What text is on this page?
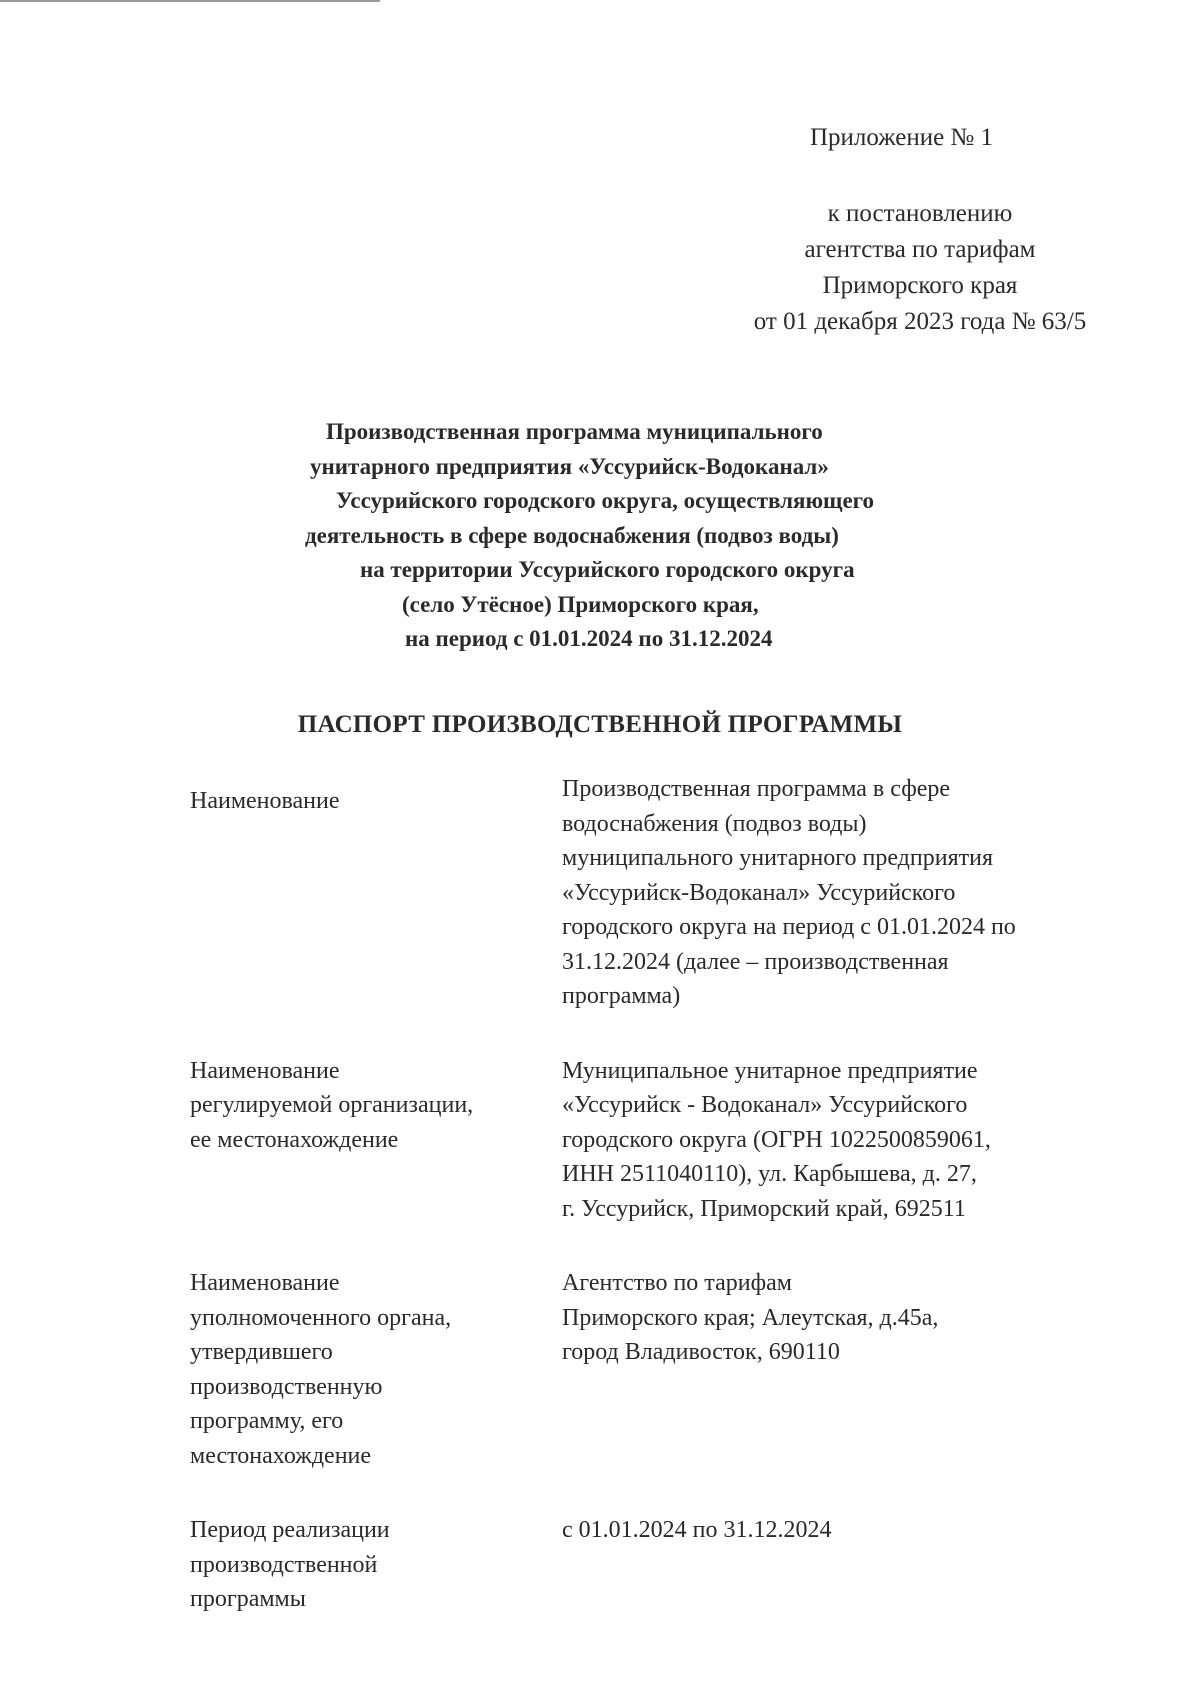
Приложение № 1
к постановлению
агентства по тарифам
Приморского края
от 01 декабря 2023 года № 63/5
Производственная программа муниципального
унитарного предприятия «Уссурийск-Водоканал»
Уссурийского городского округа, осуществляющего
деятельность в сфере водоснабжения (подвоз воды)
на территории Уссурийского городского округа
(село Утёсное) Приморского края,
на период с 01.01.2024 по 31.12.2024
ПАСПОРТ ПРОИЗВОДСТВЕННОЙ ПРОГРАММЫ
Наименование	Производственная программа в сфере
водоснабжения (подвоз воды)
муниципального унитарного предприятия
«Уссурийск-Водоканал» Уссурийского
городского округа на период с 01.01.2024 по
31.12.2024 (далее – производственная
программа)
Наименование
регулируемой организации,
ее местонахождение
Муниципальное унитарное предприятие
«Уссурийск - Водоканал» Уссурийского
городского округа (ОГРН 1022500859061,
ИНН 2511040110), ул. Карбышева, д. 27,
г. Уссурийск, Приморский край, 692511
Наименование
уполномоченного органа,
утвердившего
производственную
программу, его
местонахождение
Агентство по тарифам
Приморского края; Алеутская, д.45а,
город Владивосток, 690110
Период реализации
производственной
программы
с 01.01.2024 по 31.12.2024
